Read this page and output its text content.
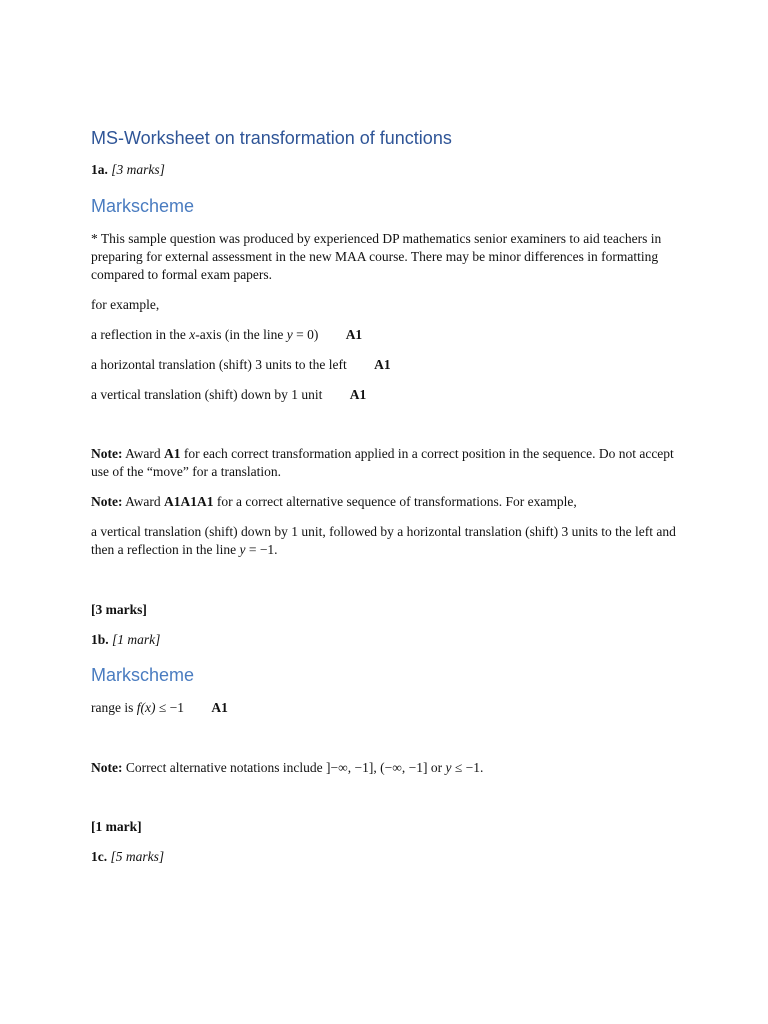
MS-Worksheet on transformation of functions
1a. [3 marks]
Markscheme
* This sample question was produced by experienced DP mathematics senior examiners to aid teachers in preparing for external assessment in the new MAA course. There may be minor differences in formatting compared to formal exam papers.
for example,
a reflection in the x-axis (in the line y = 0) A1
a horizontal translation (shift) 3 units to the left A1
a vertical translation (shift) down by 1 unit A1
Note: Award A1 for each correct transformation applied in a correct position in the sequence. Do not accept use of the “move” for a translation.
Note: Award A1A1A1 for a correct alternative sequence of transformations. For example,
a vertical translation (shift) down by 1 unit, followed by a horizontal translation (shift) 3 units to the left and then a reflection in the line y = −1.
[3 marks]
1b. [1 mark]
Markscheme
range is f(x) ≤ −1 A1
Note: Correct alternative notations include ]−∞, −1], (−∞, −1] or y ≤ −1.
[1 mark]
1c. [5 marks]
